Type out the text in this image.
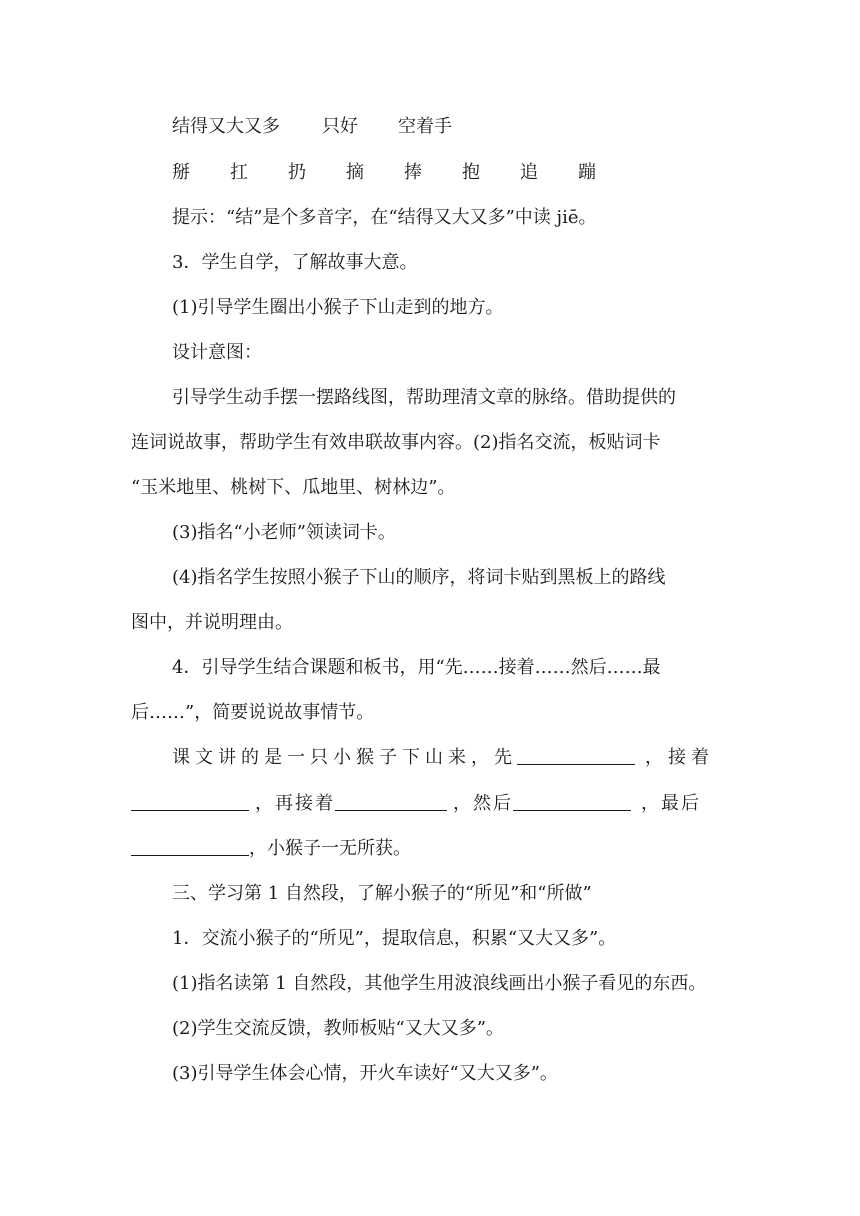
结得又大又多 只好 空着手
掰 扛 扔 摘 捧 抱 追 蹦
提示：“结”是个多音字，在“结得又大又多”中读 jiē。
3．学生自学，了解故事大意。
(1)引导学生圈出小猴子下山走到的地方。
设计意图：
引导学生动手摆一摆路线图，帮助理清文章的脉络。借助提供的
连词说故事，帮助学生有效串联故事内容。(2)指名交流，板贴词卡
“玉米地里、桃树下、瓜地里、树林边”。
(3)指名“小老师”领读词卡。
(4)指名学生按照小猴子下山的顺序，将词卡贴到黑板上的路线
图中，并说明理由。
4．引导学生结合课题和板书，用“先……接着……然后……最
后……”，简要说说故事情节。
课文讲的是一只小猴子下山来，先	，接着
，再接着	，然后	，最后
，小猴子一无所获。
三、学习第 1 自然段，了解小猴子的“所见”和“所做”
1．交流小猴子的“所见”，提取信息，积累“又大又多”。
(1)指名读第 1 自然段，其他学生用波浪线画出小猴子看见的东西。
(2)学生交流反馈，教师板贴“又大又多”。
(3)引导学生体会心情，开火车读好“又大又多”。
